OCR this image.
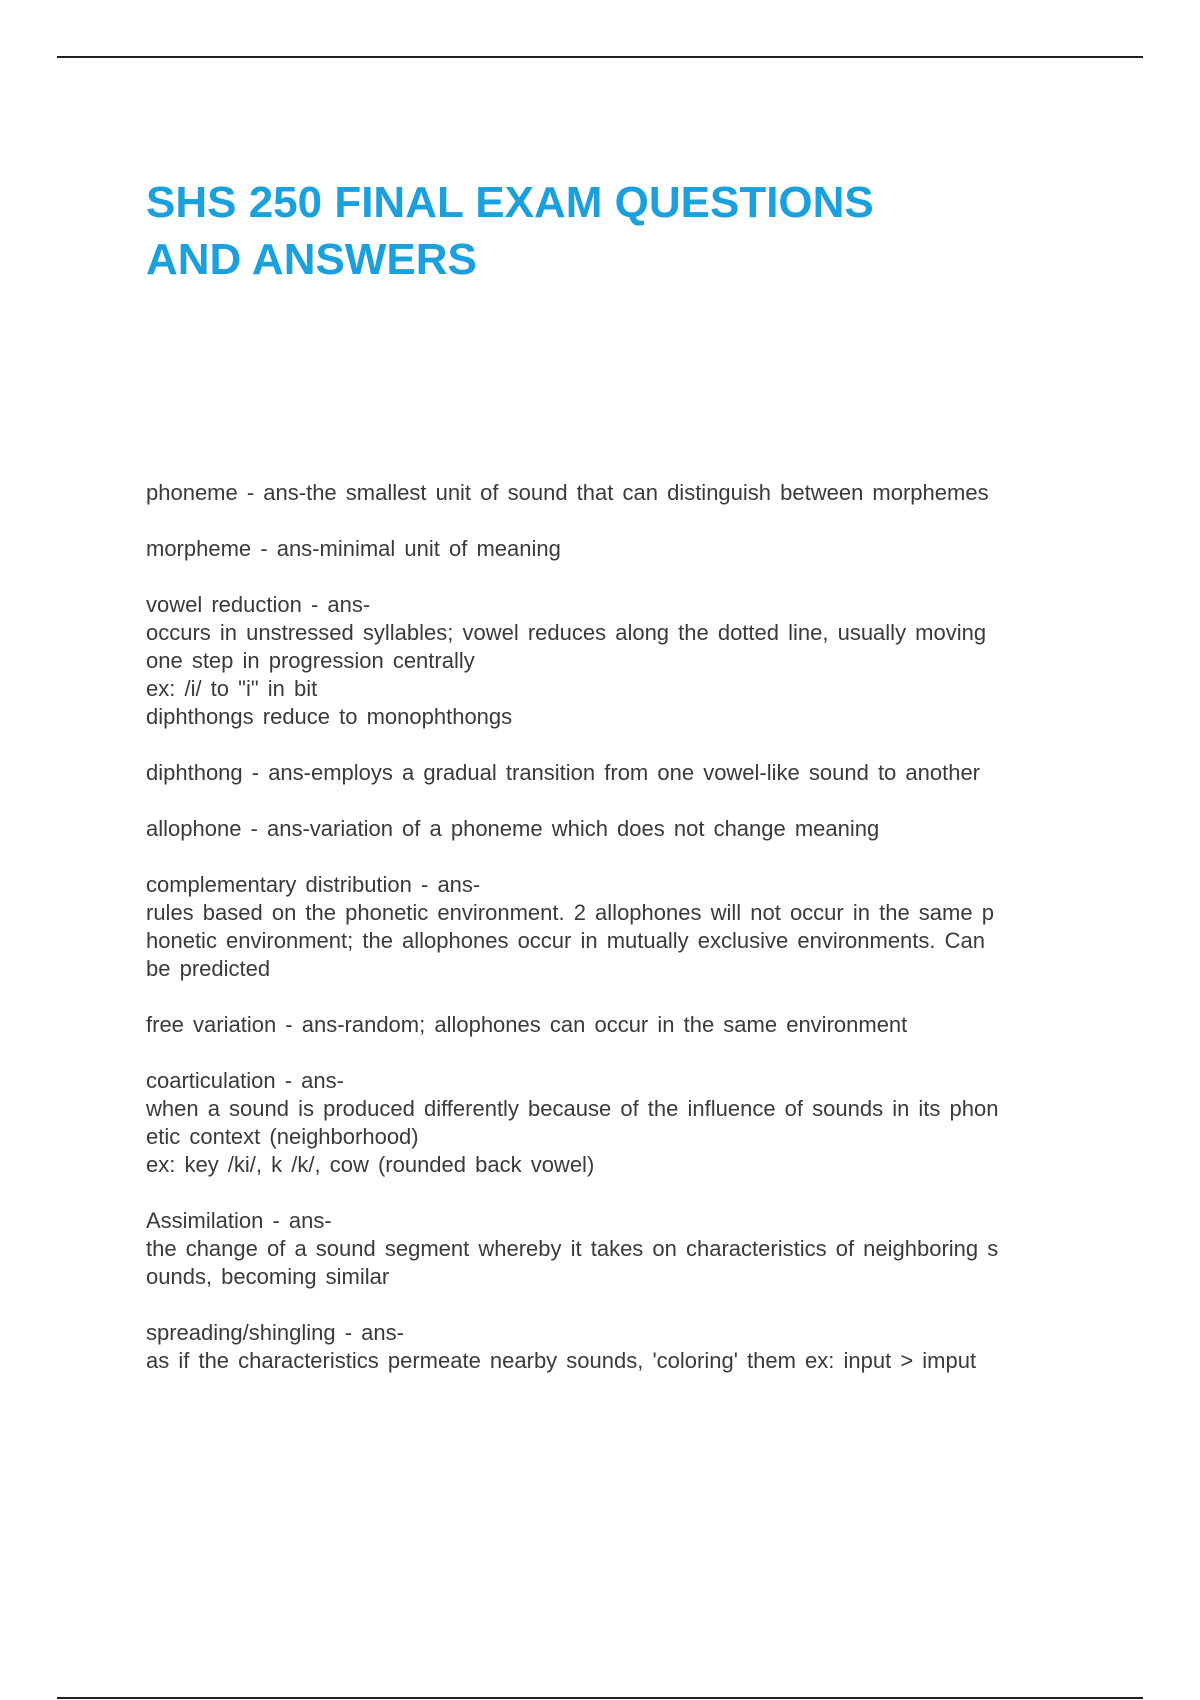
SHS 250 FINAL EXAM QUESTIONS
AND ANSWERS
phoneme - ans-the smallest unit of sound that can distinguish between morphemes
morpheme - ans-minimal unit of meaning
vowel reduction - ans-
occurs in unstressed syllables; vowel reduces along the dotted line, usually moving
one step in progression centrally
ex: /i/ to "i" in bit
diphthongs reduce to monophthongs
diphthong - ans-employs a gradual transition from one vowel-like sound to another
allophone - ans-variation of a phoneme which does not change meaning
complementary distribution - ans-
rules based on the phonetic environment. 2 allophones will not occur in the same p
honetic environment; the allophones occur in mutually exclusive environments. Can
be predicted
free variation - ans-random; allophones can occur in the same environment
coarticulation - ans-
when a sound is produced differently because of the influence of sounds in its phon
etic context (neighborhood)
ex: key /ki/, k /k/, cow (rounded back vowel)
Assimilation - ans-
the change of a sound segment whereby it takes on characteristics of neighboring s
ounds, becoming similar
spreading/shingling - ans-
as if the characteristics permeate nearby sounds, 'coloring' them ex: input > imput
